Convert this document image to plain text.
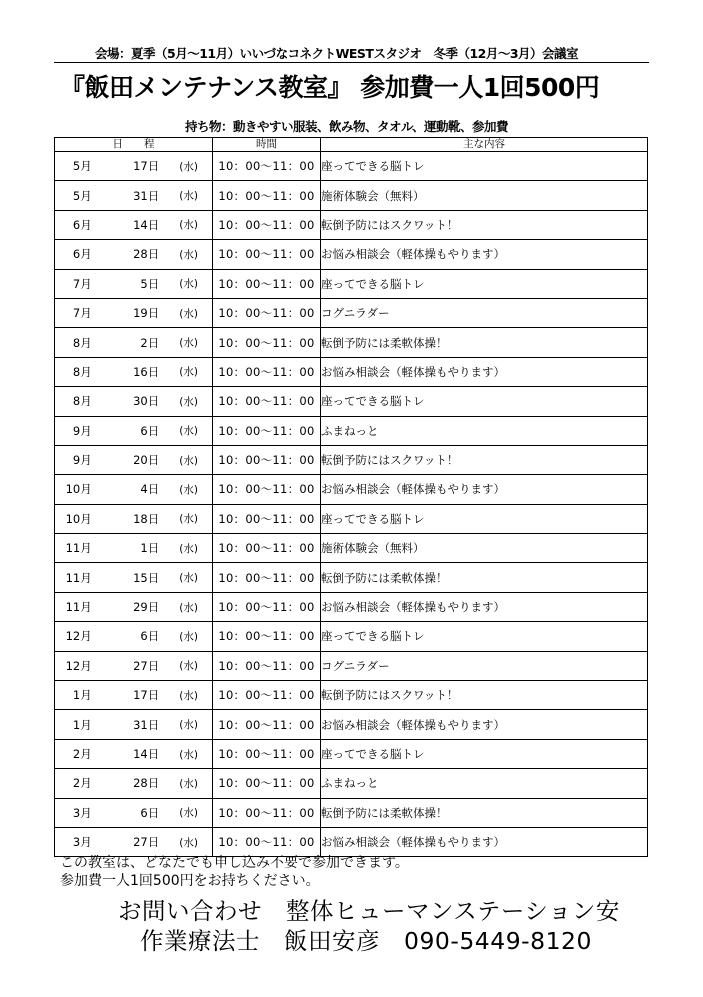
会場：夏季（5月～11月）いいづなコネクトWESTスタジオ　冬季（12月～3月）会議室
『飯田メンテナンス教室』 参加費一人1回500円
持ち物：動きやすい服装、飲み物、タオル、運動靴、参加費
日　　程	時間	主な内容

5月 17日 (水)	10：00～11：00	座ってできる脳トレ

5月 31日 (水)	10：00～11：00	施術体験会（無料）

6月 14日 (水)	10：00～11：00	転倒予防にはスクワット！

6月 28日 (水)	10：00～11：00	お悩み相談会（軽体操もやります）

7月 5日 (水)	10：00～11：00	座ってできる脳トレ

7月 19日 (水)	10：00～11：00	コグニラダー

8月 2日 (水)	10：00～11：00	転倒予防には柔軟体操！

8月 16日 (水)	10：00～11：00	お悩み相談会（軽体操もやります）

8月 30日 (水)	10：00～11：00	座ってできる脳トレ

9月 6日 (水)	10：00～11：00	ふまねっと

9月 20日 (水)	10：00～11：00	転倒予防にはスクワット！

10月 4日 (水)	10：00～11：00	お悩み相談会（軽体操もやります）

10月 18日 (水)	10：00～11：00	座ってできる脳トレ

11月 1日 (水)	10：00～11：00	施術体験会（無料）

11月 15日 (水)	10：00～11：00	転倒予防には柔軟体操！

11月 29日 (水)	10：00～11：00	お悩み相談会（軽体操もやります）

12月 6日 (水)	10：00～11：00	座ってできる脳トレ

12月 27日 (水)	10：00～11：00	コグニラダー

1月 17日 (水)	10：00～11：00	転倒予防にはスクワット！

1月 31日 (水)	10：00～11：00	お悩み相談会（軽体操もやります）

2月 14日 (水)	10：00～11：00	座ってできる脳トレ

2月 28日 (水)	10：00～11：00	ふまねっと

3月 6日 (水)	10：00～11：00	転倒予防には柔軟体操！

3月 27日 (水)	10：00～11：00	お悩み相談会（軽体操もやります）
この教室は、どなたでも申し込み不要で参加できます。
参加費一人1回500円をお持ちください。
お問い合わせ　整体ヒューマンステーション安
作業療法士　飯田安彦　090-5449-8120
